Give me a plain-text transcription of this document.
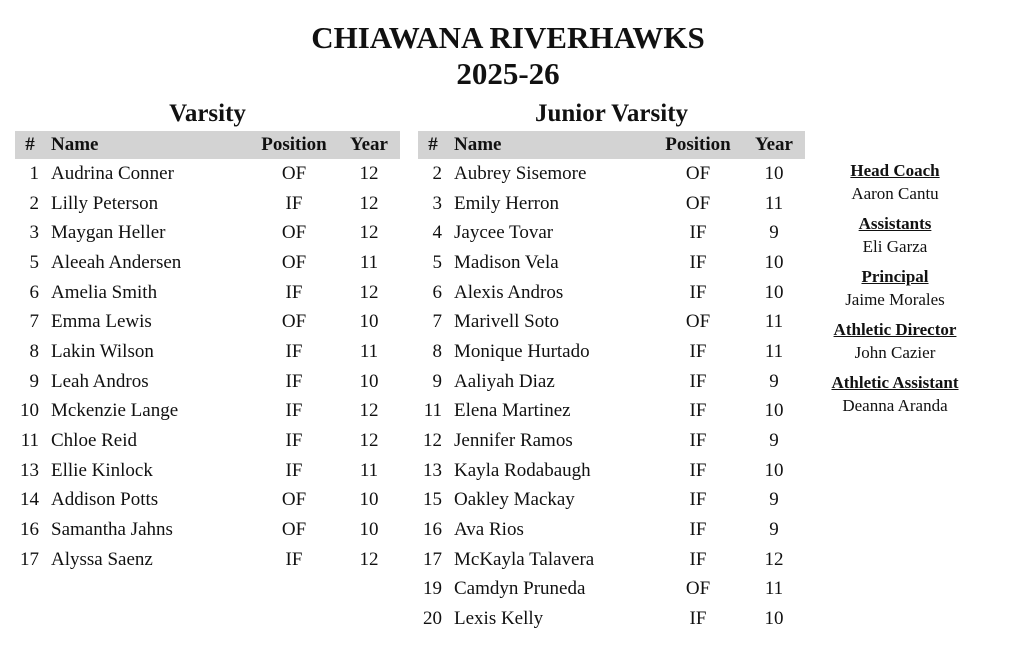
CHIAWANA RIVERHAWKS
2025-26
Varsity	Junior Varsity
#	Name	Position	Year
1	Audrina Conner	OF	12
2	Lilly Peterson	IF	12
3	Maygan Heller	OF	12
5	Aleeah Andersen	OF	11
6	Amelia Smith	IF	12
7	Emma Lewis	OF	10
8	Lakin Wilson	IF	11
9	Leah Andros	IF	10
10	Mckenzie Lange	IF	12
11	Chloe Reid	IF	12
13	Ellie Kinlock	IF	11
14	Addison Potts	OF	10
16	Samantha Jahns	OF	10
17	Alyssa Saenz	IF	12
#	Name	Position	Year
2	Aubrey Sisemore	OF	10
3	Emily Herron	OF	11
4	Jaycee Tovar	IF	9
5	Madison Vela	IF	10
6	Alexis Andros	IF	10
7	Marivell Soto	OF	11
8	Monique Hurtado	IF	11
9	Aaliyah Diaz	IF	9
11	Elena Martinez	IF	10
12	Jennifer Ramos	IF	9
13	Kayla Rodabaugh	IF	10
15	Oakley Mackay	IF	9
16	Ava Rios	IF	9
17	McKayla Talavera	IF	12
19	Camdyn Pruneda	OF	11
20	Lexis Kelly	IF	10
Head Coach
Aaron Cantu
Assistants
Eli Garza
Principal
Jaime Morales
Athletic Director
John Cazier
Athletic Assistant
Deanna Aranda
